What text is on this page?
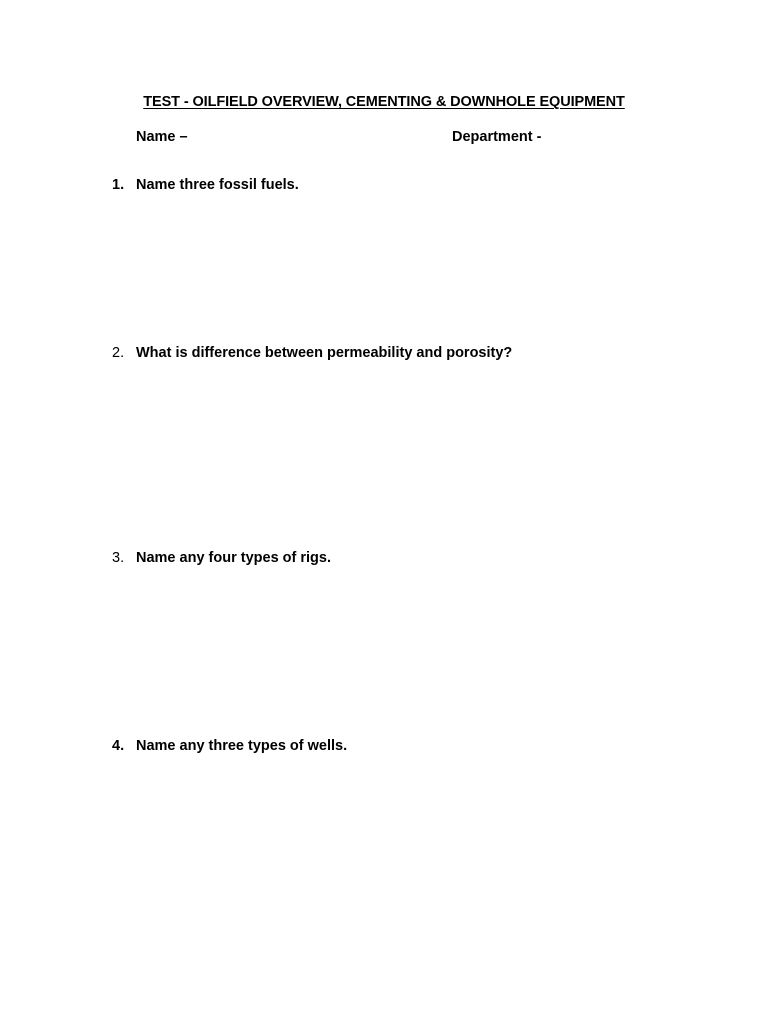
TEST - OILFIELD OVERVIEW, CEMENTING & DOWNHOLE EQUIPMENT
Name –	Department -
1. Name three fossil fuels.
2. What is difference between permeability and porosity?
3. Name any four types of rigs.
4. Name any three types of wells.
